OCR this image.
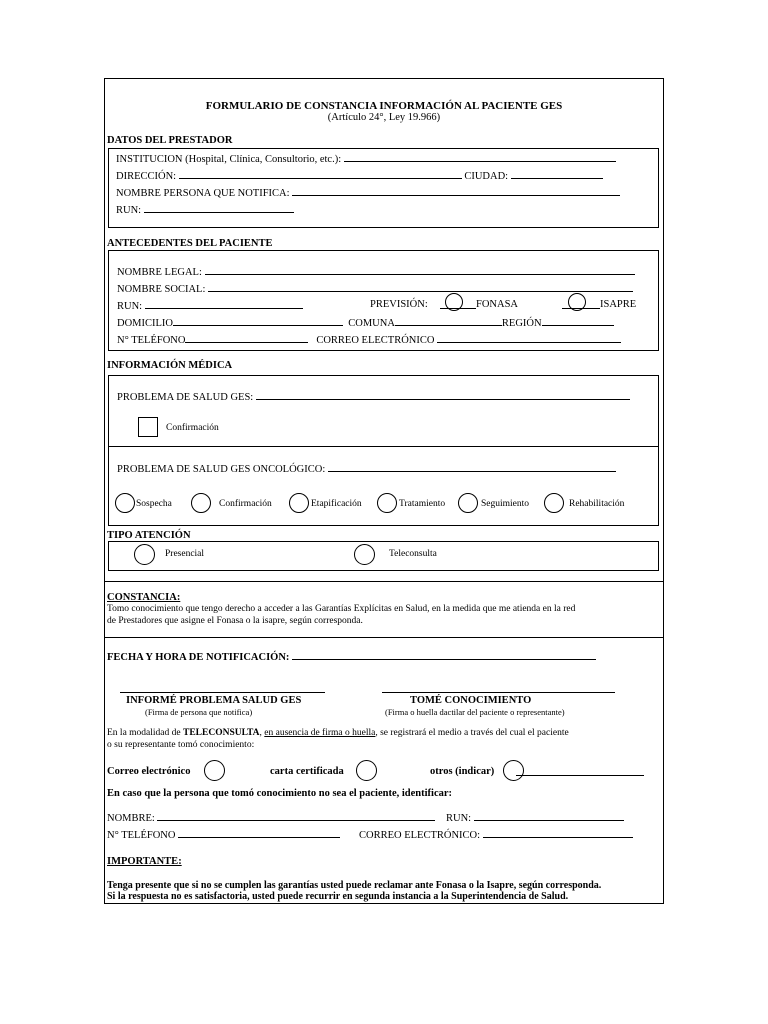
FORMULARIO DE CONSTANCIA INFORMACIÓN AL PACIENTE GES
(Artículo 24°, Ley 19.966)
DATOS DEL PRESTADOR
INSTITUCION (Hospital, Clínica, Consultorio, etc.):
DIRECCIÓN:	CIUDAD:
NOMBRE PERSONA QUE NOTIFICA:
RUN:
ANTECEDENTES DEL PACIENTE
NOMBRE LEGAL:
NOMBRE SOCIAL:
RUN:	PREVISIÓN:	FONASA	ISAPRE
DOMICILIO	COMUNA	REGIÓN
N° TELÉFONO	CORREO ELECTRÓNICO
INFORMACIÓN MÉDICA
PROBLEMA DE SALUD GES:
Confirmación
PROBLEMA DE SALUD GES ONCOLÓGICO:
Sospecha	Confirmación	Etapificación	Tratamiento	Seguimiento	Rehabilitación
TIPO ATENCIÓN
Presencial	Teleconsulta
CONSTANCIA:
Tomo conocimiento que tengo derecho a acceder a las Garantías Explícitas en Salud, en la medida que me atienda en la red
de Prestadores que asigne el Fonasa o la isapre, según corresponda.
FECHA Y HORA DE NOTIFICACIÓN:
INFORMÉ PROBLEMA SALUD GES
(Firma de persona que notifica)
TOMÉ CONOCIMIENTO
(Firma o huella dactilar del paciente o representante)
En la modalidad de TELECONSULTA, en ausencia de firma o huella, se registrará el medio a través del cual el paciente
o su representante tomó conocimiento:
Correo electrónico	carta certificada	otros (indicar)
En caso que la persona que tomó conocimiento no sea el paciente, identificar:
NOMBRE:	RUN:
N° TELÉFONO	CORREO ELECTRÓNICO:
IMPORTANTE:
Tenga presente que si no se cumplen las garantías usted puede reclamar ante Fonasa o la Isapre, según corresponda.
Si la respuesta no es satisfactoria, usted puede recurrir en segunda instancia a la Superintendencia de Salud.
